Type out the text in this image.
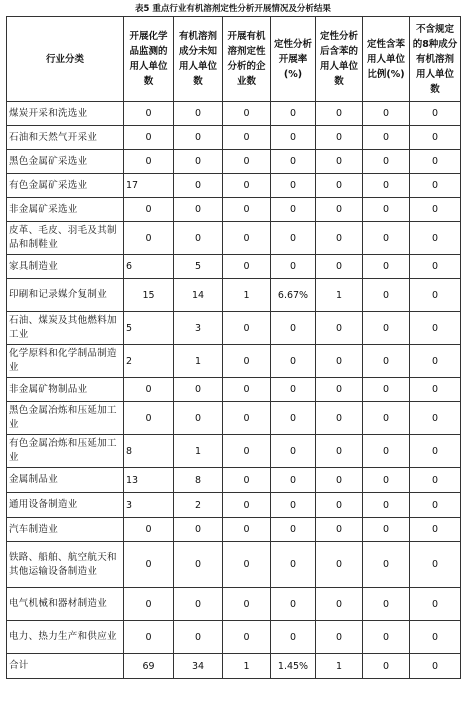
表5 重点行业有机溶剂定性分析开展情况及分析结果
行业分类	开展化学品监测的用人单位数	有机溶剂成分未知用人单位数	开展有机溶剂定性分析的企业数	定性分析开展率(%)	定性分析后含苯的用人单位数	定性含苯用人单位比例(%)	不含规定的8种成分有机溶剂用人单位数
煤炭开采和洗选业	0	0	0	0	0	0	0
石油和天然气开采业	0	0	0	0	0	0	0
黑色金属矿采选业	0	0	0	0	0	0	0
有色金属矿采选业	17	0	0	0	0	0	0
非金属矿采选业	0	0	0	0	0	0	0
皮革、毛皮、羽毛及其制品和制鞋业	0	0	0	0	0	0	0
家具制造业	6	5	0	0	0	0	0
印刷和记录媒介复制业	15	14	1	6.67%	1	0	0
石油、煤炭及其他燃料加工业	5	3	0	0	0	0	0
化学原料和化学制品制造业	2	1	0	0	0	0	0
非金属矿物制品业	0	0	0	0	0	0	0
黑色金属冶炼和压延加工业	0	0	0	0	0	0	0
有色金属冶炼和压延加工业	8	1	0	0	0	0	0
金属制品业	13	8	0	0	0	0	0
通用设备制造业	3	2	0	0	0	0	0
汽车制造业	0	0	0	0	0	0	0
铁路、船舶、航空航天和其他运输设备制造业	0	0	0	0	0	0	0
电气机械和器材制造业	0	0	0	0	0	0	0
电力、热力生产和供应业	0	0	0	0	0	0	0
合计	69	34	1	1.45%	1	0	0
